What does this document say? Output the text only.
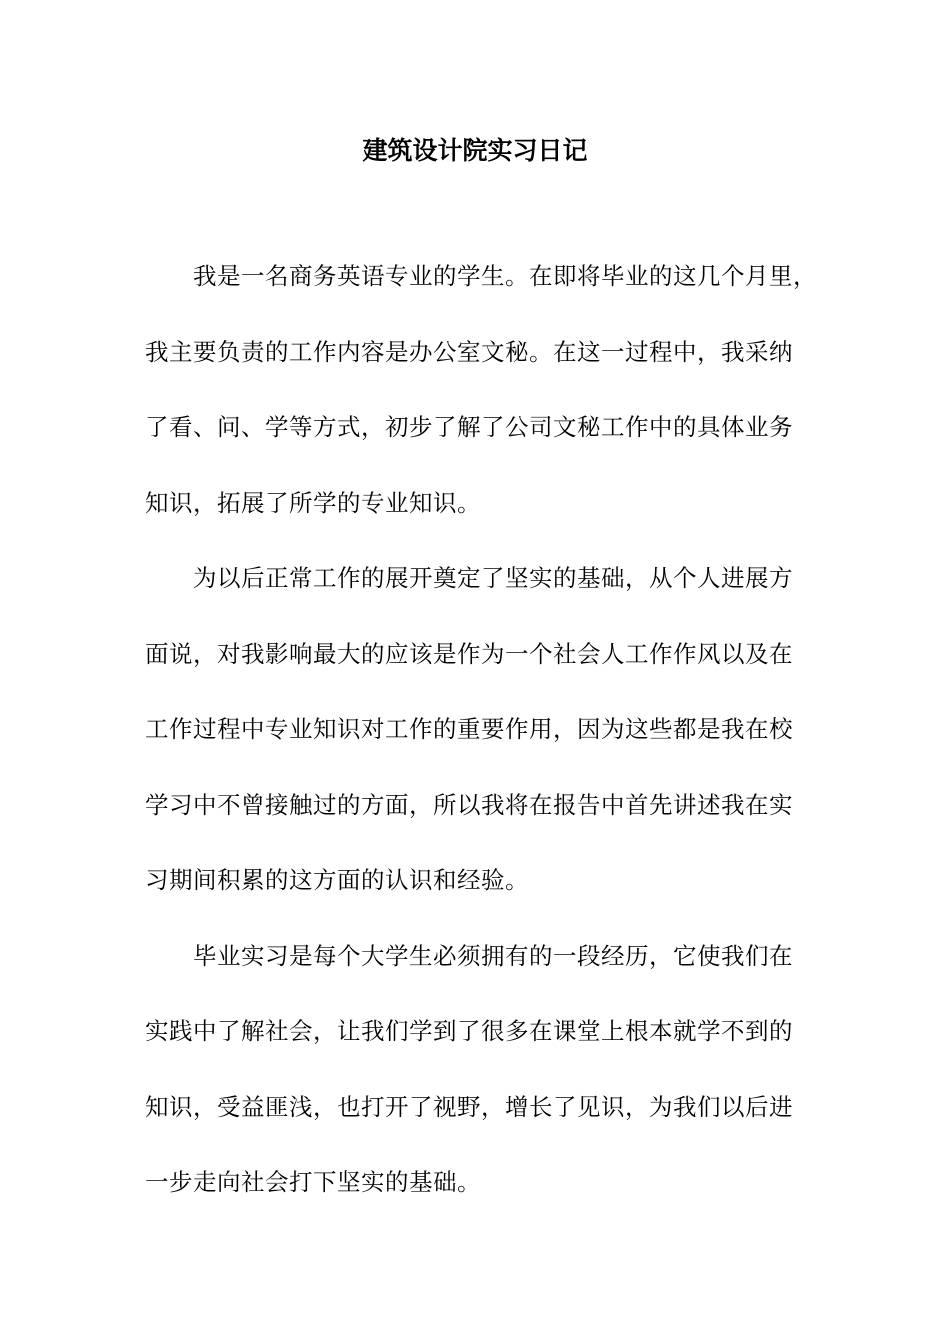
建筑设计院实习日记
我是一名商务英语专业的学生。在即将毕业的这几个月里，
我主要负责的工作内容是办公室文秘。在这一过程中，我采纳
了看、问、学等方式，初步了解了公司文秘工作中的具体业务
知识，拓展了所学的专业知识。
为以后正常工作的展开奠定了坚实的基础，从个人进展方
面说，对我影响最大的应该是作为一个社会人工作作风以及在
工作过程中专业知识对工作的重要作用，因为这些都是我在校
学习中不曾接触过的方面，所以我将在报告中首先讲述我在实
习期间积累的这方面的认识和经验。
毕业实习是每个大学生必须拥有的一段经历，它使我们在
实践中了解社会，让我们学到了很多在课堂上根本就学不到的
知识，受益匪浅，也打开了视野，增长了见识，为我们以后进
一步走向社会打下坚实的基础。
